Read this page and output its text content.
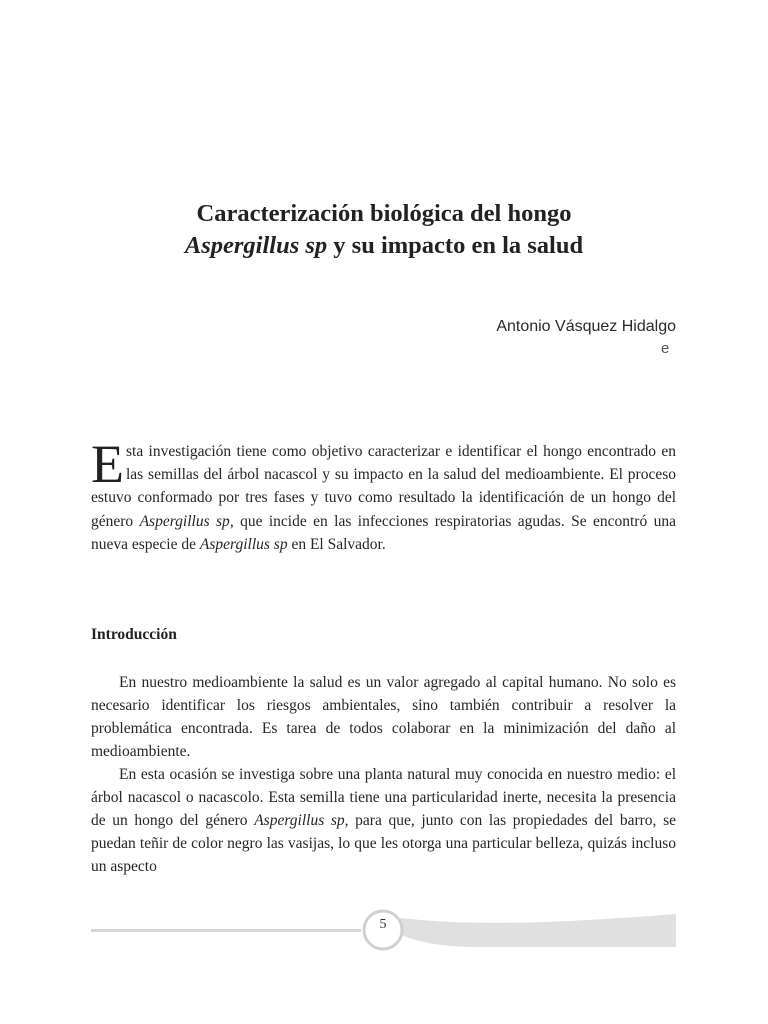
Caracterización biológica del hongo
Aspergillus sp y su impacto en la salud
Antonio Vásquez Hidalgo
e

Esta investigación tiene como objetivo caracterizar e identificar el hongo encontrado en las semillas del árbol nacascol y su impacto en la salud del medioambiente. El proceso estuvo conformado por tres fases y tuvo como resultado la identificación de un hongo del género Aspergillus sp, que incide en las infecciones respiratorias agudas. Se encontró una nueva especie de Aspergillus sp en El Salvador.

Introducción

En nuestro medioambiente la salud es un valor agregado al capital humano. No solo es necesario identificar los riesgos ambientales, sino también contribuir a resolver la problemática encontrada. Es tarea de todos colaborar en la minimización del daño al medioambiente.

En esta ocasión se investiga sobre una planta natural muy conocida en nuestro medio: el árbol nacascol o nacascolo. Esta semilla tiene una particularidad inerte, necesita la presencia de un hongo del género Aspergillus sp, para que, junto con las propiedades del barro, se puedan teñir de color negro las vasijas, lo que les otorga una particular belleza, quizás incluso un aspecto

5
